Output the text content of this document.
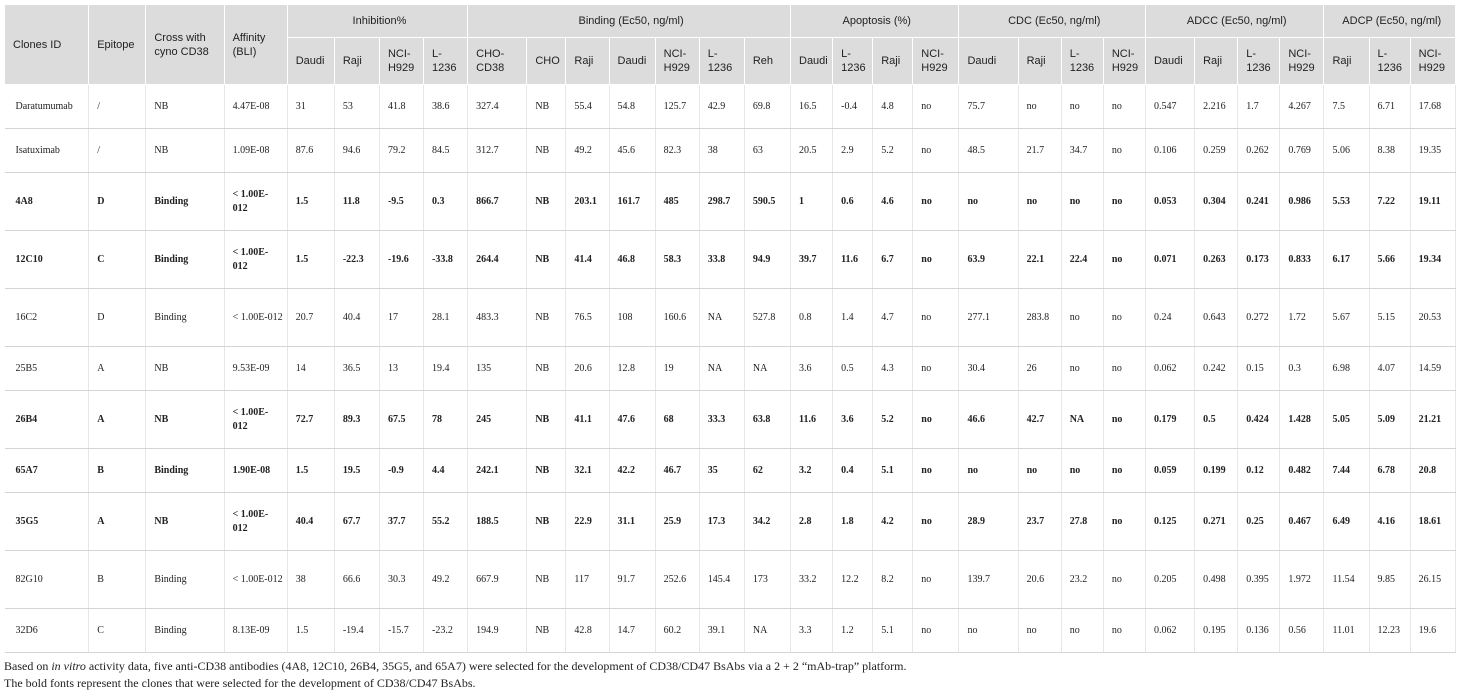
Clones ID	Epitope	Cross with cyno CD38	Affinity (BLI)	Inhibition%				Binding (Ec50, ng/ml)							Apoptosis (%)				CDC (Ec50, ng/ml)				ADCC (Ec50, ng/ml)				ADCP (Ec50, ng/ml)		
				Daudi	Raji	NCI-H929	L-1236	CHO-CD38	CHO	Raji	Daudi	NCI-H929	L-1236	Reh	Daudi	L-1236	Raji	NCI-H929	Daudi	Raji	L-1236	NCI-H929	Daudi	Raji	L-1236	NCI-H929	Raji	L-1236	NCI-H929
Daratumumab	/	NB	4.47E-08	31	53	41.8	38.6	327.4	NB	55.4	54.8	125.7	42.9	69.8	16.5	-0.4	4.8	no	75.7	no	no	no	0.547	2.216	1.7	4.267	7.5	6.71	17.68
Isatuximab	/	NB	1.09E-08	87.6	94.6	79.2	84.5	312.7	NB	49.2	45.6	82.3	38	63	20.5	2.9	5.2	no	48.5	21.7	34.7	no	0.106	0.259	0.262	0.769	5.06	8.38	19.35
4A8	D	Binding	< 1.00E-012	1.5	11.8	-9.5	0.3	866.7	NB	203.1	161.7	485	298.7	590.5	1	0.6	4.6	no	no	no	no	no	0.053	0.304	0.241	0.986	5.53	7.22	19.11
12C10	C	Binding	< 1.00E-012	1.5	-22.3	-19.6	-33.8	264.4	NB	41.4	46.8	58.3	33.8	94.9	39.7	11.6	6.7	no	63.9	22.1	22.4	no	0.071	0.263	0.173	0.833	6.17	5.66	19.34
16C2	D	Binding	< 1.00E-012	20.7	40.4	17	28.1	483.3	NB	76.5	108	160.6	NA	527.8	0.8	1.4	4.7	no	277.1	283.8	no	no	0.24	0.643	0.272	1.72	5.67	5.15	20.53
25B5	A	NB	9.53E-09	14	36.5	13	19.4	135	NB	20.6	12.8	19	NA	NA	3.6	0.5	4.3	no	30.4	26	no	no	0.062	0.242	0.15	0.3	6.98	4.07	14.59
26B4	A	NB	< 1.00E-012	72.7	89.3	67.5	78	245	NB	41.1	47.6	68	33.3	63.8	11.6	3.6	5.2	no	46.6	42.7	NA	no	0.179	0.5	0.424	1.428	5.05	5.09	21.21
65A7	B	Binding	1.90E-08	1.5	19.5	-0.9	4.4	242.1	NB	32.1	42.2	46.7	35	62	3.2	0.4	5.1	no	no	no	no	no	0.059	0.199	0.12	0.482	7.44	6.78	20.8
35G5	A	NB	< 1.00E-012	40.4	67.7	37.7	55.2	188.5	NB	22.9	31.1	25.9	17.3	34.2	2.8	1.8	4.2	no	28.9	23.7	27.8	no	0.125	0.271	0.25	0.467	6.49	4.16	18.61
82G10	B	Binding	< 1.00E-012	38	66.6	30.3	49.2	667.9	NB	117	91.7	252.6	145.4	173	33.2	12.2	8.2	no	139.7	20.6	23.2	no	0.205	0.498	0.395	1.972	11.54	9.85	26.15
32D6	C	Binding	8.13E-09	1.5	-19.4	-15.7	-23.2	194.9	NB	42.8	14.7	60.2	39.1	NA	3.3	1.2	5.1	no	no	no	no	no	0.062	0.195	0.136	0.56	11.01	12.23	19.6
Based on in vitro activity data, five anti-CD38 antibodies (4A8, 12C10, 26B4, 35G5, and 65A7) were selected for the development of CD38/CD47 BsAbs via a 2 + 2 “mAb-trap” platform.
The bold fonts represent the clones that were selected for the development of CD38/CD47 BsAbs.
